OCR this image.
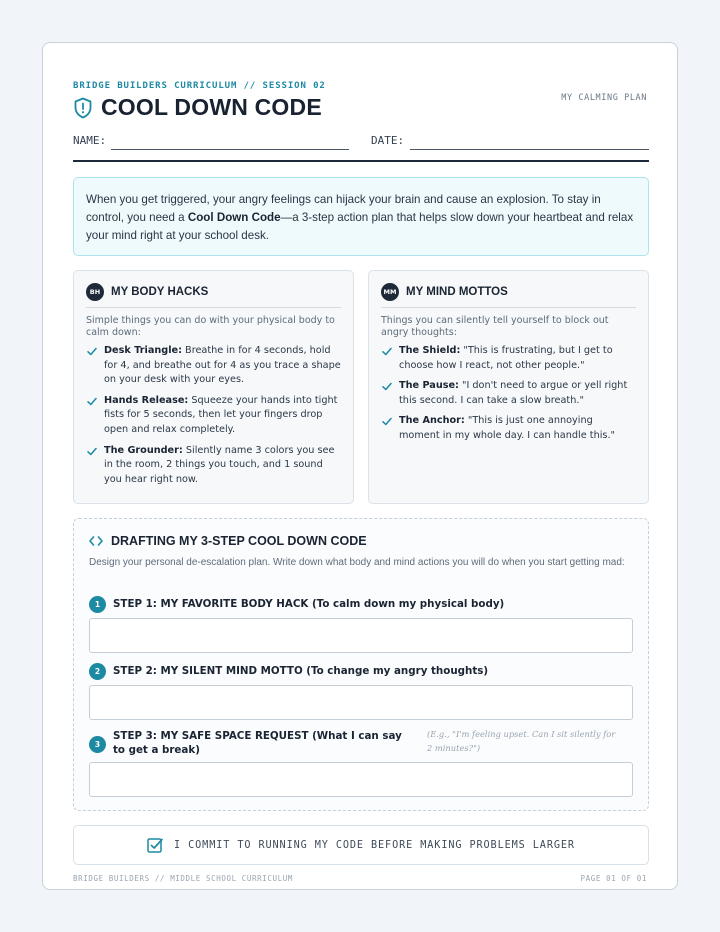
BRIDGE BUILDERS CURRICULUM // SESSION 02
MY CALMING PLAN
COOL DOWN CODE
NAME:	DATE:
When you get triggered, your angry feelings can hijack your brain and cause an explosion. To stay in control, you need a Cool Down Code—a 3-step action plan that helps slow down your heartbeat and relax your mind right at your school desk.
BH MY BODY HACKS
Simple things you can do with your physical body to calm down:
Desk Triangle: Breathe in for 4 seconds, hold for 4, and breathe out for 4 as you trace a shape on your desk with your eyes.
Hands Release: Squeeze your hands into tight fists for 5 seconds, then let your fingers drop open and relax completely.
The Grounder: Silently name 3 colors you see in the room, 2 things you touch, and 1 sound you hear right now.
MM MY MIND MOTTOS
Things you can silently tell yourself to block out angry thoughts:
The Shield: "This is frustrating, but I get to choose how I react, not other people."
The Pause: "I don't need to argue or yell right this second. I can take a slow breath."
The Anchor: "This is just one annoying moment in my whole day. I can handle this."
DRAFTING MY 3-STEP COOL DOWN CODE
Design your personal de-escalation plan. Write down what body and mind actions you will do when you start getting mad:
1	STEP 1: MY FAVORITE BODY HACK (To calm down my physical body)
2	STEP 2: MY SILENT MIND MOTTO (To change my angry thoughts)
3
STEP 3: MY SAFE SPACE REQUEST (What I can say to get a break)
(E.g., "I'm feeling upset. Can I sit silently for 2 minutes?")
I COMMIT TO RUNNING MY CODE BEFORE MAKING PROBLEMS LARGER
BRIDGE BUILDERS // MIDDLE SCHOOL CURRICULUM	PAGE 01 OF 01
